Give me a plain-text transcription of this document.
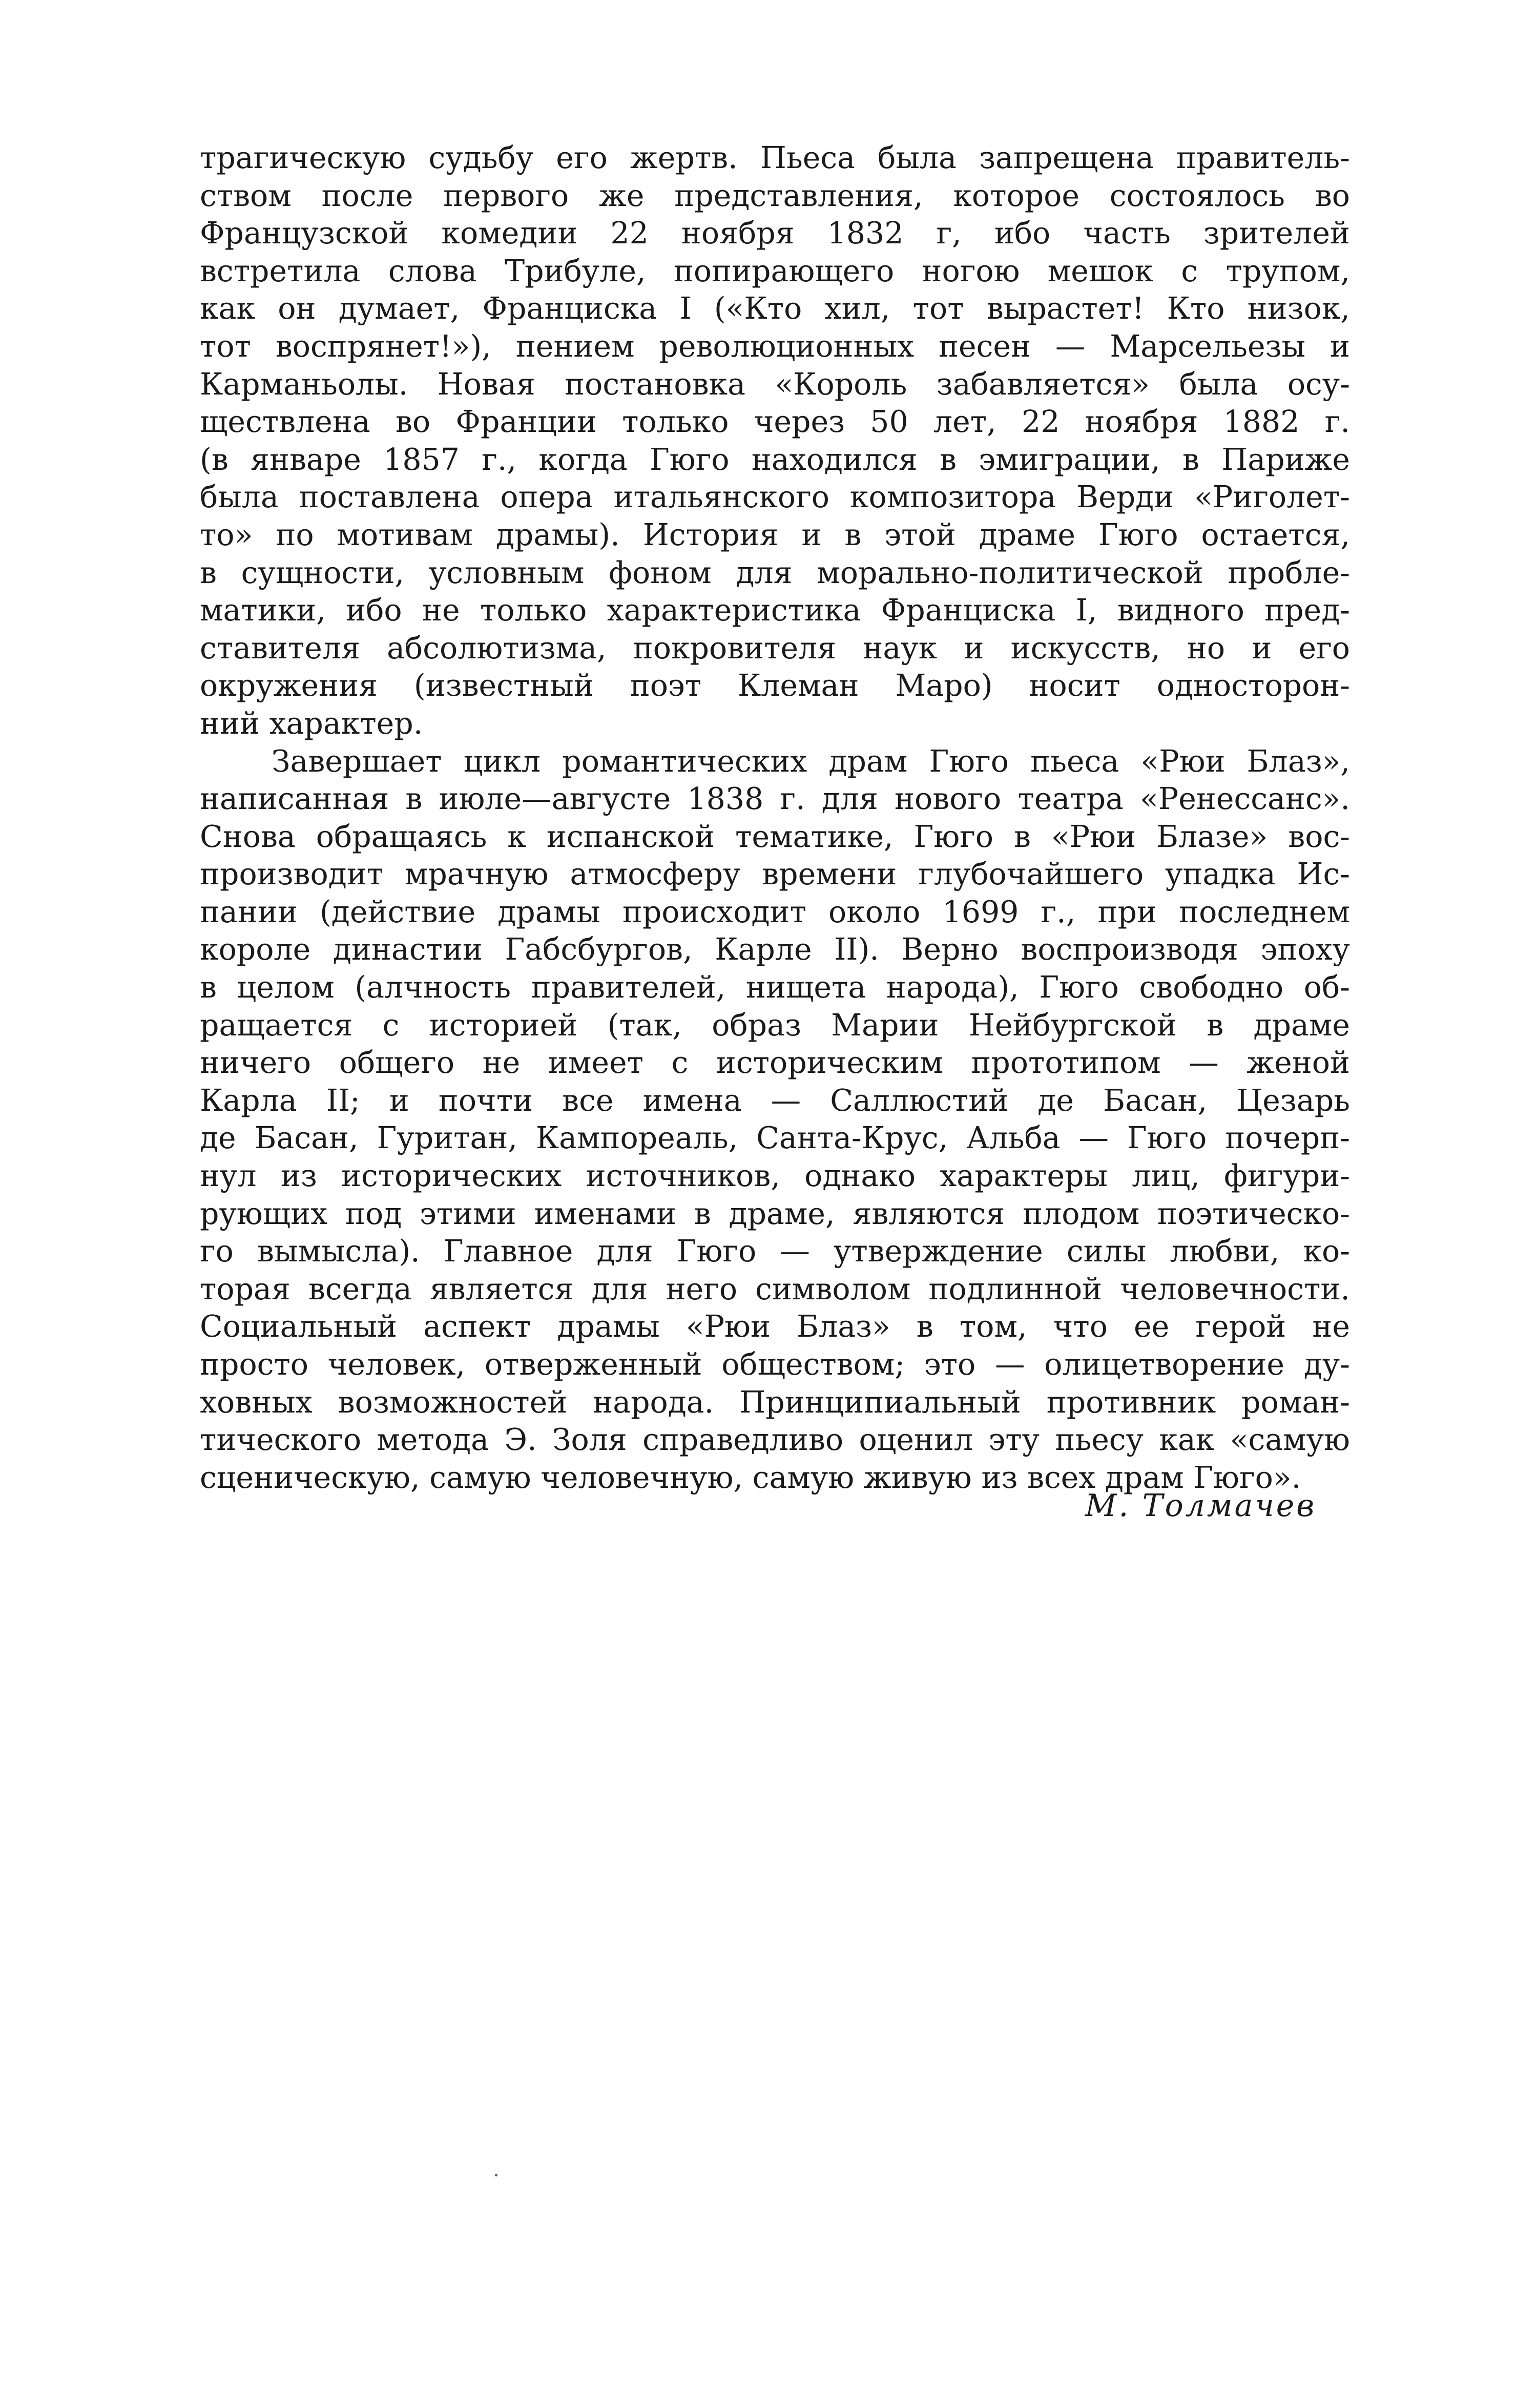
трагическую судьбу его жертв. Пьеса была запрещена правитель-
ством после первого же представления, которое состоялось во
Французской комедии 22 ноября 1832 г, ибо часть зрителей
встретила слова Трибуле, попирающего ногою мешок с трупом,
как он думает, Франциска I («Кто хил, тот вырастет! Кто низок,
тот воспрянет!»), пением революционных песен — Марсельезы и
Карманьолы. Новая постановка «Король забавляется» была осу-
ществлена во Франции только через 50 лет, 22 ноября 1882 г.
(в январе 1857 г., когда Гюго находился в эмиграции, в Париже
была поставлена опера итальянского композитора Верди «Риголет-
то» по мотивам драмы). История и в этой драме Гюго остается,
в сущности, условным фоном для морально-политической пробле-
матики, ибо не только характеристика Франциска I, видного пред-
ставителя абсолютизма, покровителя наук и искусств, но и его
окружения (известный поэт Клеман Маро) носит односторон-
ний характер.

Завершает цикл романтических драм Гюго пьеса «Рюи Блаз»,
написанная в июле—августе 1838 г. для нового театра «Ренессанс».
Снова обращаясь к испанской тематике, Гюго в «Рюи Блазе» вос-
производит мрачную атмосферу времени глубочайшего упадка Ис-
пании (действие драмы происходит около 1699 г., при последнем
короле династии Габсбургов, Карле II). Верно воспроизводя эпоху
в целом (алчность правителей, нищета народа), Гюго свободно об-
ращается с историей (так, образ Марии Нейбургской в драме
ничего общего не имеет с историческим прототипом — женой
Карла II; и почти все имена — Саллюстий де Басан, Цезарь
де Басан, Гуритан, Кампореаль, Санта-Крус, Альба — Гюго почерп-
нул из исторических источников, однако характеры лиц, фигури-
рующих под этими именами в драме, являются плодом поэтическо-
го вымысла). Главное для Гюго — утверждение силы любви, ко-
торая всегда является для него символом подлинной человечности.
Социальный аспект драмы «Рюи Блаз» в том, что ее герой не
просто человек, отверженный обществом; это — олицетворение ду-
ховных возможностей народа. Принципиальный противник роман-
тического метода Э. Золя справедливо оценил эту пьесу как «самую
сценическую, самую человечную, самую живую из всех драм Гюго».

М. Толмачев
